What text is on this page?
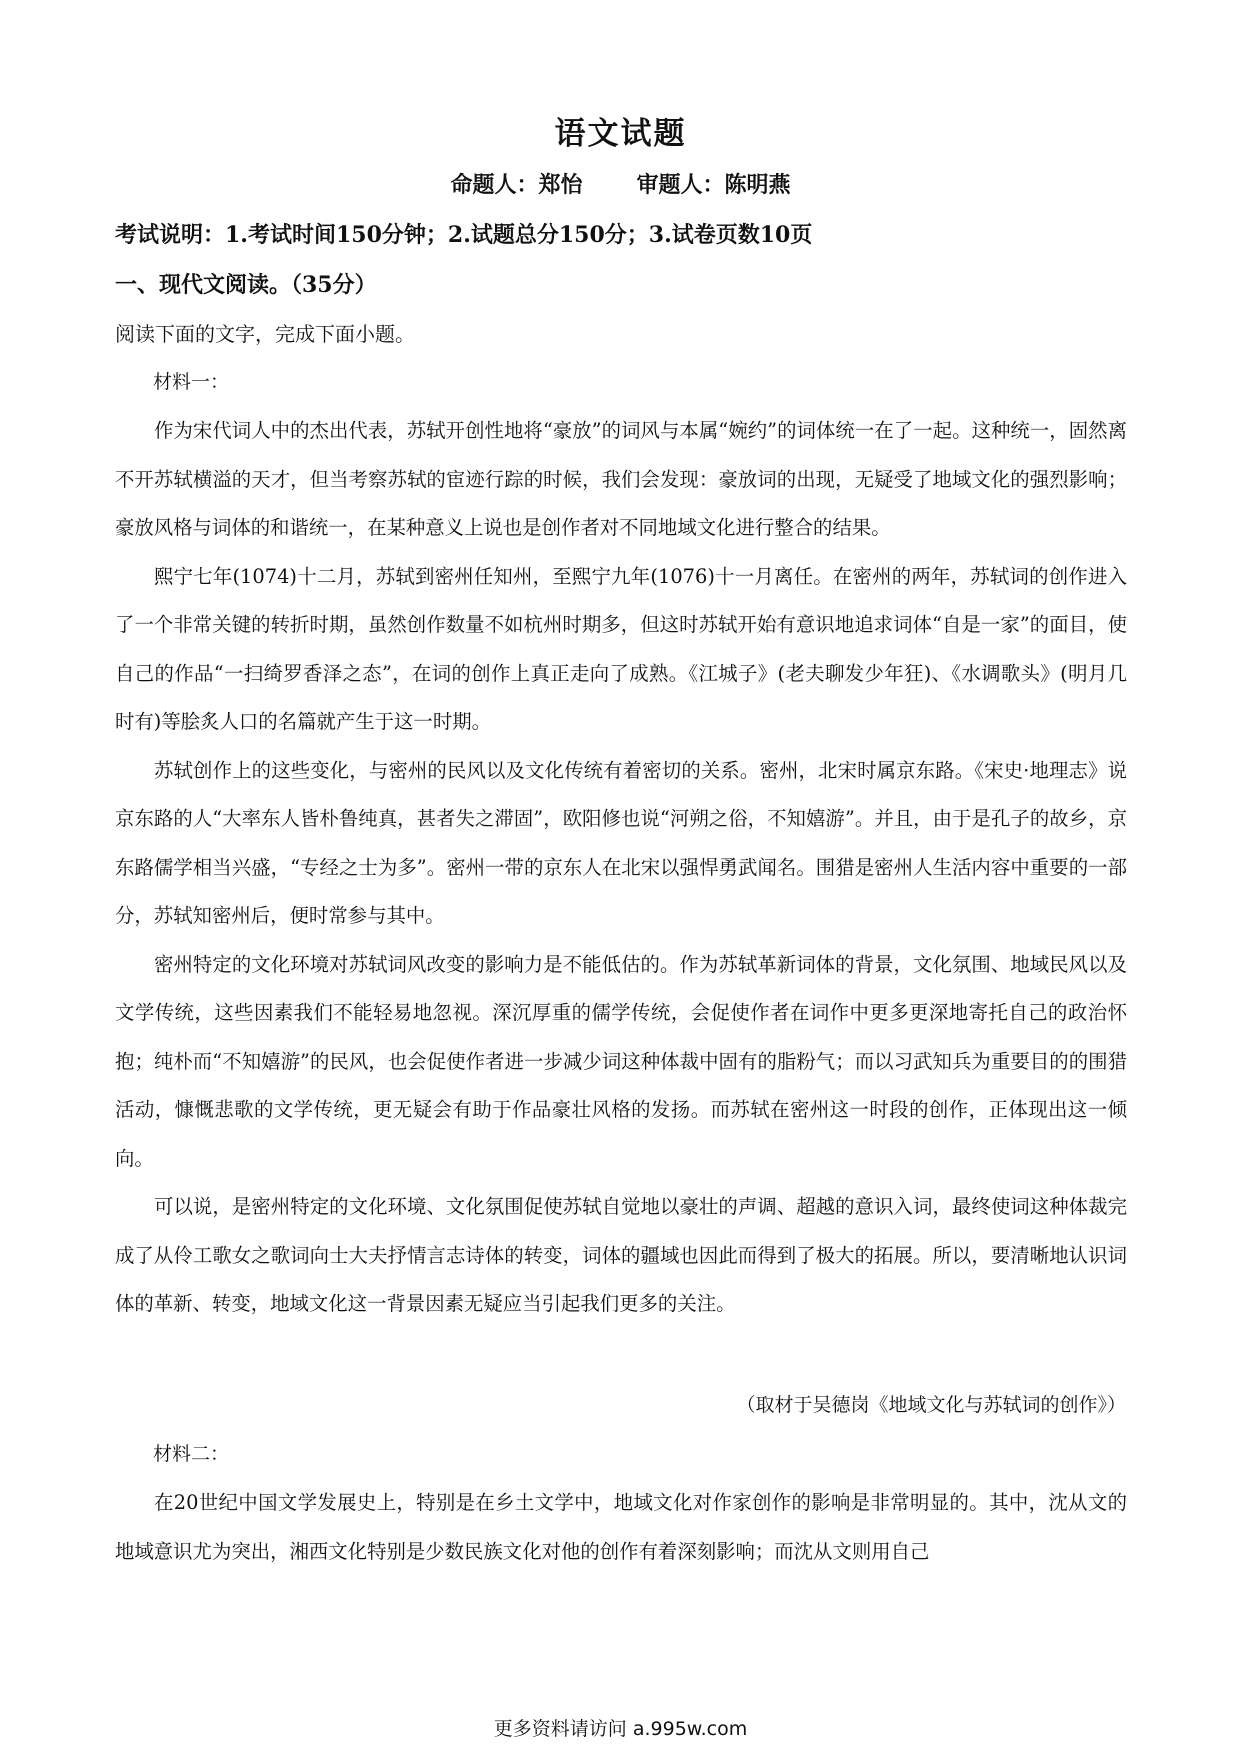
语文试题
命题人：郑怡 审题人：陈明燕
考试说明：1.考试时间150分钟；2.试题总分150分；3.试卷页数10页
一、现代文阅读。（35分）
阅读下面的文字，完成下面小题。
材料一：

作为宋代词人中的杰出代表，苏轼开创性地将“豪放”的词风与本属“婉约”的词体统一在了一起。这种统一，固然离不开苏轼横溢的天才，但当考察苏轼的宦迹行踪的时候，我们会发现：豪放词的出现，无疑受了地域文化的强烈影响；豪放风格与词体的和谐统一，在某种意义上说也是创作者对不同地域文化进行整合的结果。

熙宁七年(1074)十二月，苏轼到密州任知州，至熙宁九年(1076)十一月离任。在密州的两年，苏轼词的创作进入了一个非常关键的转折时期，虽然创作数量不如杭州时期多，但这时苏轼开始有意识地追求词体“自是一家”的面目，使自己的作品“一扫绮罗香泽之态”，在词的创作上真正走向了成熟。《江城子》(老夫聊发少年狂)、《水调歌头》(明月几时有)等脍炙人口的名篇就产生于这一时期。

苏轼创作上的这些变化，与密州的民风以及文化传统有着密切的关系。密州，北宋时属京东路。《宋史·地理志》说京东路的人“大率东人皆朴鲁纯真，甚者失之滞固”，欧阳修也说“河朔之俗，不知嬉游”。并且，由于是孔子的故乡，京东路儒学相当兴盛，“专经之士为多”。密州一带的京东人在北宋以强悍勇武闻名。围猎是密州人生活内容中重要的一部分，苏轼知密州后，便时常参与其中。

密州特定的文化环境对苏轼词风改变的影响力是不能低估的。作为苏轼革新词体的背景，文化氛围、地域民风以及文学传统，这些因素我们不能轻易地忽视。深沉厚重的儒学传统，会促使作者在词作中更多更深地寄托自己的政治怀抱；纯朴而“不知嬉游”的民风，也会促使作者进一步减少词这种体裁中固有的脂粉气；而以习武知兵为重要目的的围猎活动，慷慨悲歌的文学传统，更无疑会有助于作品豪壮风格的发扬。而苏轼在密州这一时段的创作，正体现出这一倾向。

可以说，是密州特定的文化环境、文化氛围促使苏轼自觉地以豪壮的声调、超越的意识入词，最终使词这种体裁完成了从伶工歌女之歌词向士大夫抒情言志诗体的转变，词体的疆域也因此而得到了极大的拓展。所以，要清晰地认识词体的革新、转变，地域文化这一背景因素无疑应当引起我们更多的关注。

（取材于吴德岗《地域文化与苏轼词的创作》）
材料二：

在20世纪中国文学发展史上，特别是在乡土文学中，地域文化对作家创作的影响是非常明显的。其中，沈从文的地域意识尤为突出，湘西文化特别是少数民族文化对他的创作有着深刻影响；而沈从文则用自己

更多资料请访问 a.995w.com
